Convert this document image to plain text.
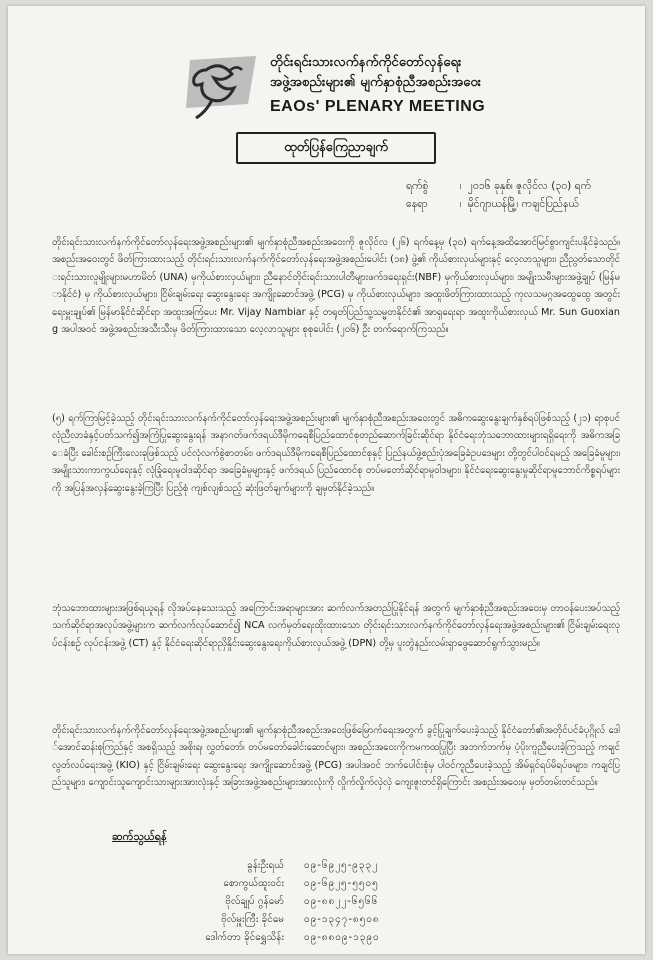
တိုင်းရင်းသားလက်နက်ကိုင်တော်လှန်ရေး
အဖွဲ့အစည်းများ၏ မျက်နှာစုံညီအစည်းအဝေး
EAOs' PLENARY MEETING
ထုတ်ပြန်ကြေညာချက်
ရက်စွဲ	၊ ၂၀၁၆ ခုနှစ်၊ ဇူလိုင်လ (၃၀) ရက်
နေရာ	၊ မိုင်ဂျာယန်မြို့၊ ကချင်ပြည်နယ်
တိုင်းရင်းသားလက်နက်ကိုင်တော်လှန်ရေးအဖွဲ့အစည်းများ၏ မျက်နှာစုံညီအစည်းအဝေးကို ဇူလိုင်လ (၂၆) ရက်နေ့မှ (၃၀) ရက်နေ့အထိအောင်မြင်စွာကျင်းပနိုင်ခဲ့သည်။ အစည်းအဝေးတွင် ဖိတ်ကြားထားသည့် တိုင်းရင်းသားလက်နက်ကိုင်တော်လှန်ရေးအဖွဲ့အစည်းပေါင်း (၁၈) ဖွဲ့၏ ကိုယ်စားလှယ်များနှင့် လေ့လာသူများ၊ ညီညွတ်သောတိုင်းရင်းသားလူမျိုးများမဟာမိတ် (UNA) မှကိုယ်စားလှယ်များ၊ ညီနောင်တိုင်းရင်းသားပါတီများဖက်ဒရေးရှင်း(NBF) မှကိုယ်စားလှယ်များ၊ အမျိုးသမီးများအဖွဲ့ချုပ် (မြန်မာနိုင်ငံ) မှ ကိုယ်စားလှယ်များ၊ ငြိမ်းချမ်းရေး ဆွေးနွေးရေး အကျိုးဆောင်အဖွဲ့ (PCG) မှ ကိုယ်စားလှယ်များ၊ အထူးဖိတ်ကြားထားသည့် ကုလသမဂ္ဂအထွေထွေ အတွင်းရေးမှူးချုပ်၏ မြန်မာနိုင်ငံဆိုင်ရာ အထူးအကြံပေး Mr. Vijay Nambiar နှင့် တရုတ်ပြည်သူ့သမ္မတနိုင်ငံ၏ အာရှရေးရာ အထူးကိုယ်စားလှယ် Mr. Sun Guoxiang အပါအဝင် အဖွဲ့အစည်းအသီးသီးမှ ဖိတ်ကြားထားသော လေ့လာသူများ စုစုပေါင်း (၂၀၆) ဦး တက်ရောက်ကြသည်။
(၅) ရက်ကြာမြင့်ခဲ့သည့် တိုင်းရင်းသားလက်နက်ကိုင်တော်လှန်ရေးအဖွဲ့အစည်းများ၏ မျက်နှာစုံညီအစည်းအဝေးတွင် အဓိကဆွေးနွေးချက်နှစ်ရပ်ဖြစ်သည့် (၂၁) ရာစုပင်လုံညီလာခံနှင့်ပတ်သက်၍အကြံပြုဆွေးနွေးရန် အနာဂတ်ဖက်ဒရယ်ဒီမိုကရေစီပြည်ထောင်စုတည်ဆောက်ခြင်းဆိုင်ရာ နိုင်ငံရေးဘုံသဘောထားများရရှိရေးကို အဓိကအခြေခံပြီး ခေါင်းစဉ်ကြီးလေးခုဖြစ်သည့် ပင်လုံလက်စွဲစာတမ်း၊ ဖက်ဒရယ်ဒီမိုကရေစီပြည်ထောင်စုနှင့် ပြည်နယ်ဖွဲ့စည်းပုံအခြေခံဥပဒေများ တို့တွင်ပါဝင်ရမည့် အခြေခံမူများ၊ အမျိုးသားကာကွယ်ရေးနှင့် လုံခြုံရေးမူဝါဒဆိုင်ရာ အခြေခံမူများနှင့် ဖက်ဒရယ် ပြည်ထောင်စု တပ်မတော်ဆိုင်ရာမူဝါဒများ၊ နိုင်ငံရေးဆွေးနွေးမှုဆိုင်ရာမူဘောင်ကိစ္စရပ်များကို အပြန်အလှန်ဆွေးနွေးခဲ့ကြပြီး ပြည့်စုံ ကျစ်လျစ်သည့် ဆုံးဖြတ်ချက်များကို ချမှတ်နိုင်ခဲ့သည်။
ဘုံသဘောထားများအဖြစ်ရယူရန် လိုအပ်နေသေးသည့် အကြောင်းအရာများအား ဆက်လက်အတည်ပြုနိုင်ရန် အတွက် မျက်နှာစုံညီအစည်းအဝေးမှ တာဝန်ပေးအပ်သည့်သက်ဆိုင်ရာအလုပ်အဖွဲ့များက ဆက်လက်လုပ်ဆောင်၍ NCA လက်မှတ်ရေးထိုးထားသော တိုင်းရင်းသားလက်နက်ကိုင်တော်လှန်ရေးအဖွဲ့အစည်းများ၏ ငြိမ်းချမ်းရေးလုပ်ငန်းစဉ် လုပ်ငန်းအဖွဲ့ (CT) နှင့် နိုင်ငံရေးဆိုင်ရာညှိနှိုင်းဆွေးနွေးရေးကိုယ်စားလှယ်အဖွဲ့ (DPN) တို့မှ ပူးတွဲနည်းလမ်းရှာဖွေဆောင်ရွက်သွားမည်။
တိုင်းရင်းသားလက်နက်ကိုင်တော်လှန်ရေးအဖွဲ့အစည်းများ၏ မျက်နှာစုံညီအစည်းအဝေးဖြစ်မြောက်ရေးအတွက် ခွင့်ပြုချက်ပေးခဲ့သည့် နိုင်ငံတော်၏အတိုင်ပင်ခံပုဂ္ဂိုလ် ဒေါ်အောင်ဆန်းစုကြည်နှင့် အစရှိသည့် အစိုးရ၊ လွှတ်တော်၊ တပ်မတော်ခေါင်းဆောင်များ၊ အစည်းအဝေးကိုကမကထပြုပြီး အဘက်ဘက်မှ ပံ့ပိုးကူညီပေးခဲ့ကြသည့် ကချင်လွတ်လပ်ရေးအဖွဲ့ (KIO) နှင့် ငြိမ်းချမ်းရေး ဆွေးနွေးရေး အကျိုးဆောင်အဖွဲ့ (PCG) အပါအဝင် ဘက်ပေါင်းစုံမှ ပါဝင်ကူညီပေးခဲ့သည့် အိမ်ရှင်ရပ်မိရပ်ဖများ၊ ကချင်ပြည်သူများ၊ ကျောင်းသူကျောင်းသားများအားလုံးနှင့် အခြားအဖွဲ့အစည်းများအားလုံးကို လှိုက်လှိုက်လှဲလှဲ ကျေးဇူးတင်ရှိကြောင်း အစည်းအဝေးမှ မှတ်တမ်းတင်သည်။
ဆက်သွယ်ရန်
ခွန်းဦးရယ် ၀၉-၆၉၂၅-၉၃၃၂
စောကွယ်ထူးဝင်း ၀၉-၆၉၂၅-၅၅၀၅
ဗိုလ်ချုပ် ဂွန်မော် ၀၉-၈၈၂၂-၆၅၆၆
ဗိုလ်မှူးကြီး ခိုင်မေ ၀၉-၁၃၄၇-၈၅၀၈
ဒေါက်တာ ခိုင်ရွှေသိန်း ၀၉-၈၈၀၉-၁၃၉၀
